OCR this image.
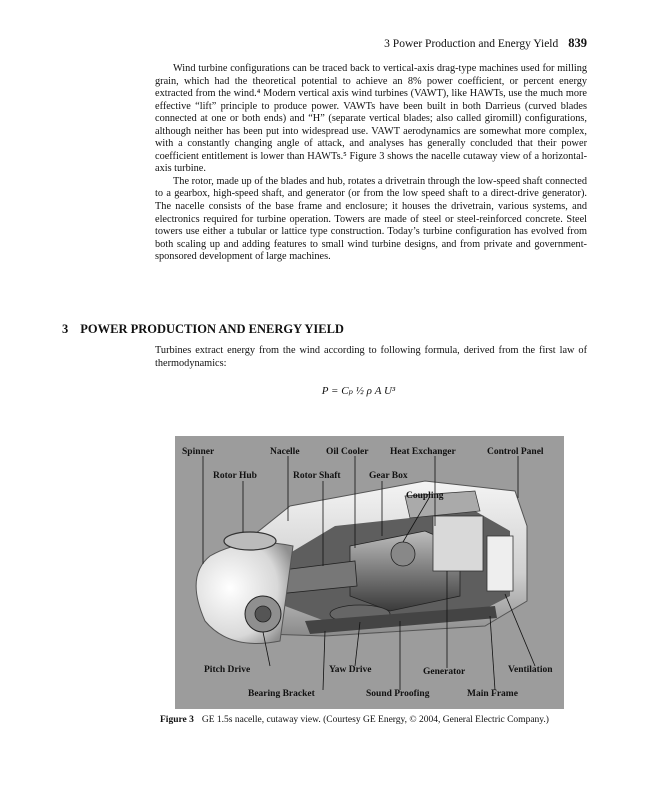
3 Power Production and Energy Yield 839

Wind turbine configurations can be traced back to vertical-axis drag-type machines used for milling grain, which had the theoretical potential to achieve an 8% power coefficient, or percent energy extracted from the wind.⁴ Modern vertical axis wind turbines (VAWT), like HAWTs, use the much more effective “lift” principle to produce power. VAWTs have been built in both Darrieus (curved blades connected at one or both ends) and “H” (separate vertical blades; also called giromill) configurations, although neither has been put into widespread use. VAWT aerodynamics are somewhat more complex, with a constantly changing angle of attack, and analyses has generally concluded that their power coefficient entitlement is lower than HAWTs.⁵ Figure 3 shows the nacelle cutaway view of a horizontal-axis turbine.

The rotor, made up of the blades and hub, rotates a drivetrain through the low-speed shaft connected to a gearbox, high-speed shaft, and generator (or from the low speed shaft to a direct-drive generator). The nacelle consists of the base frame and enclosure; it houses the drivetrain, various systems, and electronics required for turbine operation. Towers are made of steel or steel-reinforced concrete. Steel towers use either a tubular or lattice type construction. Today’s turbine configuration has evolved from both scaling up and adding features to small wind turbine designs, and from private and government-sponsored development of large machines.

3 POWER PRODUCTION AND ENERGY YIELD

Turbines extract energy from the wind according to following formula, derived from the first law of thermodynamics:

P = Cₚ ½ ρ A U³
Spinner	Nacelle	Oil Cooler Heat Exchanger	Control Panel
Rotor Hub	Rotor Shaft	Gear Box
Coupling
Pitch Drive	Yaw Drive	Generator	Ventilation
Bearing Bracket	Sound Proofing	Main Frame
Figure 3 GE 1.5s nacelle, cutaway view. (Courtesy GE Energy, © 2004, General Electric Company.)
